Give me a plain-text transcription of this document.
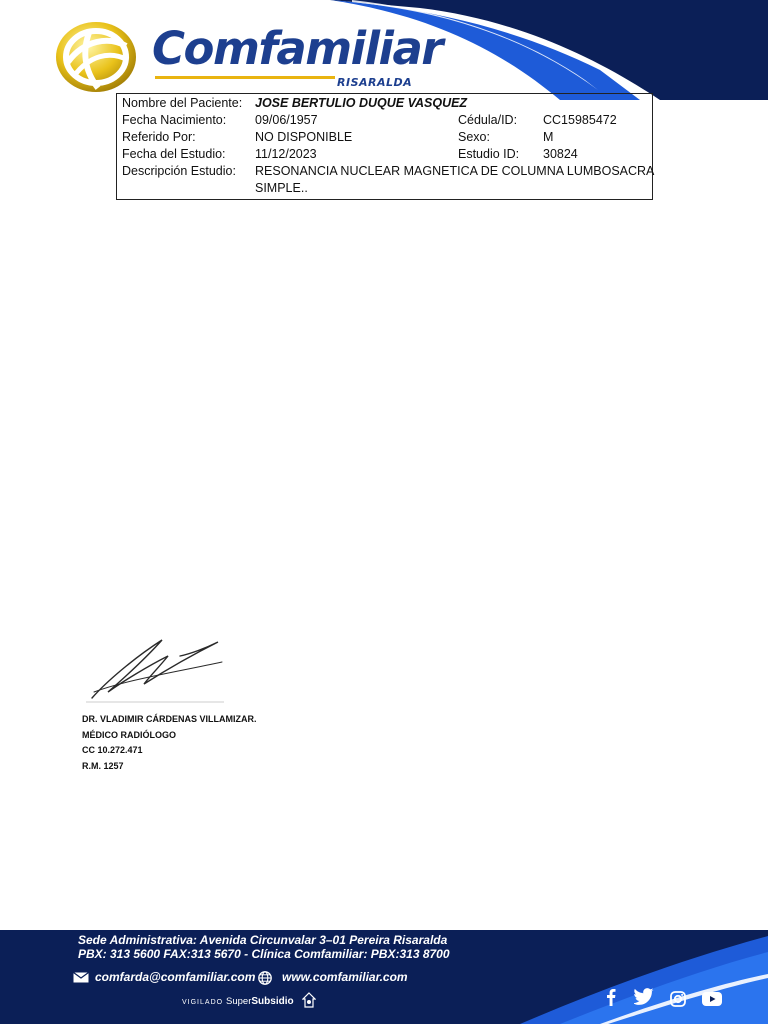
Comfamiliar
RISARALDA
Nombre del Paciente: JOSE BERTULIO DUQUE VASQUEZ
Fecha Nacimiento: 09/06/1957	Cédula/ID: CC15985472
Referido Por:	NO DISPONIBLE	Sexo:	M
Fecha del Estudio: 11/12/2023	Estudio ID: 30824
Descripción Estudio: RESONANCIA NUCLEAR MAGNETICA DE COLUMNA LUMBOSACRA
SIMPLE..
DR. VLADIMIR CÁRDENAS VILLAMIZAR.
MÉDICO RADIÓLOGO
CC 10.272.471
R.M. 1257
Sede Administrativa: Avenida Circunvalar 3–01 Pereira Risaralda
PBX: 313 5600 FAX:313 5670 - Clínica Comfamiliar: PBX:313 8700
comfarda@comfamiliar.com www.comfamiliar.com
VIGILADO SuperSubsidio
